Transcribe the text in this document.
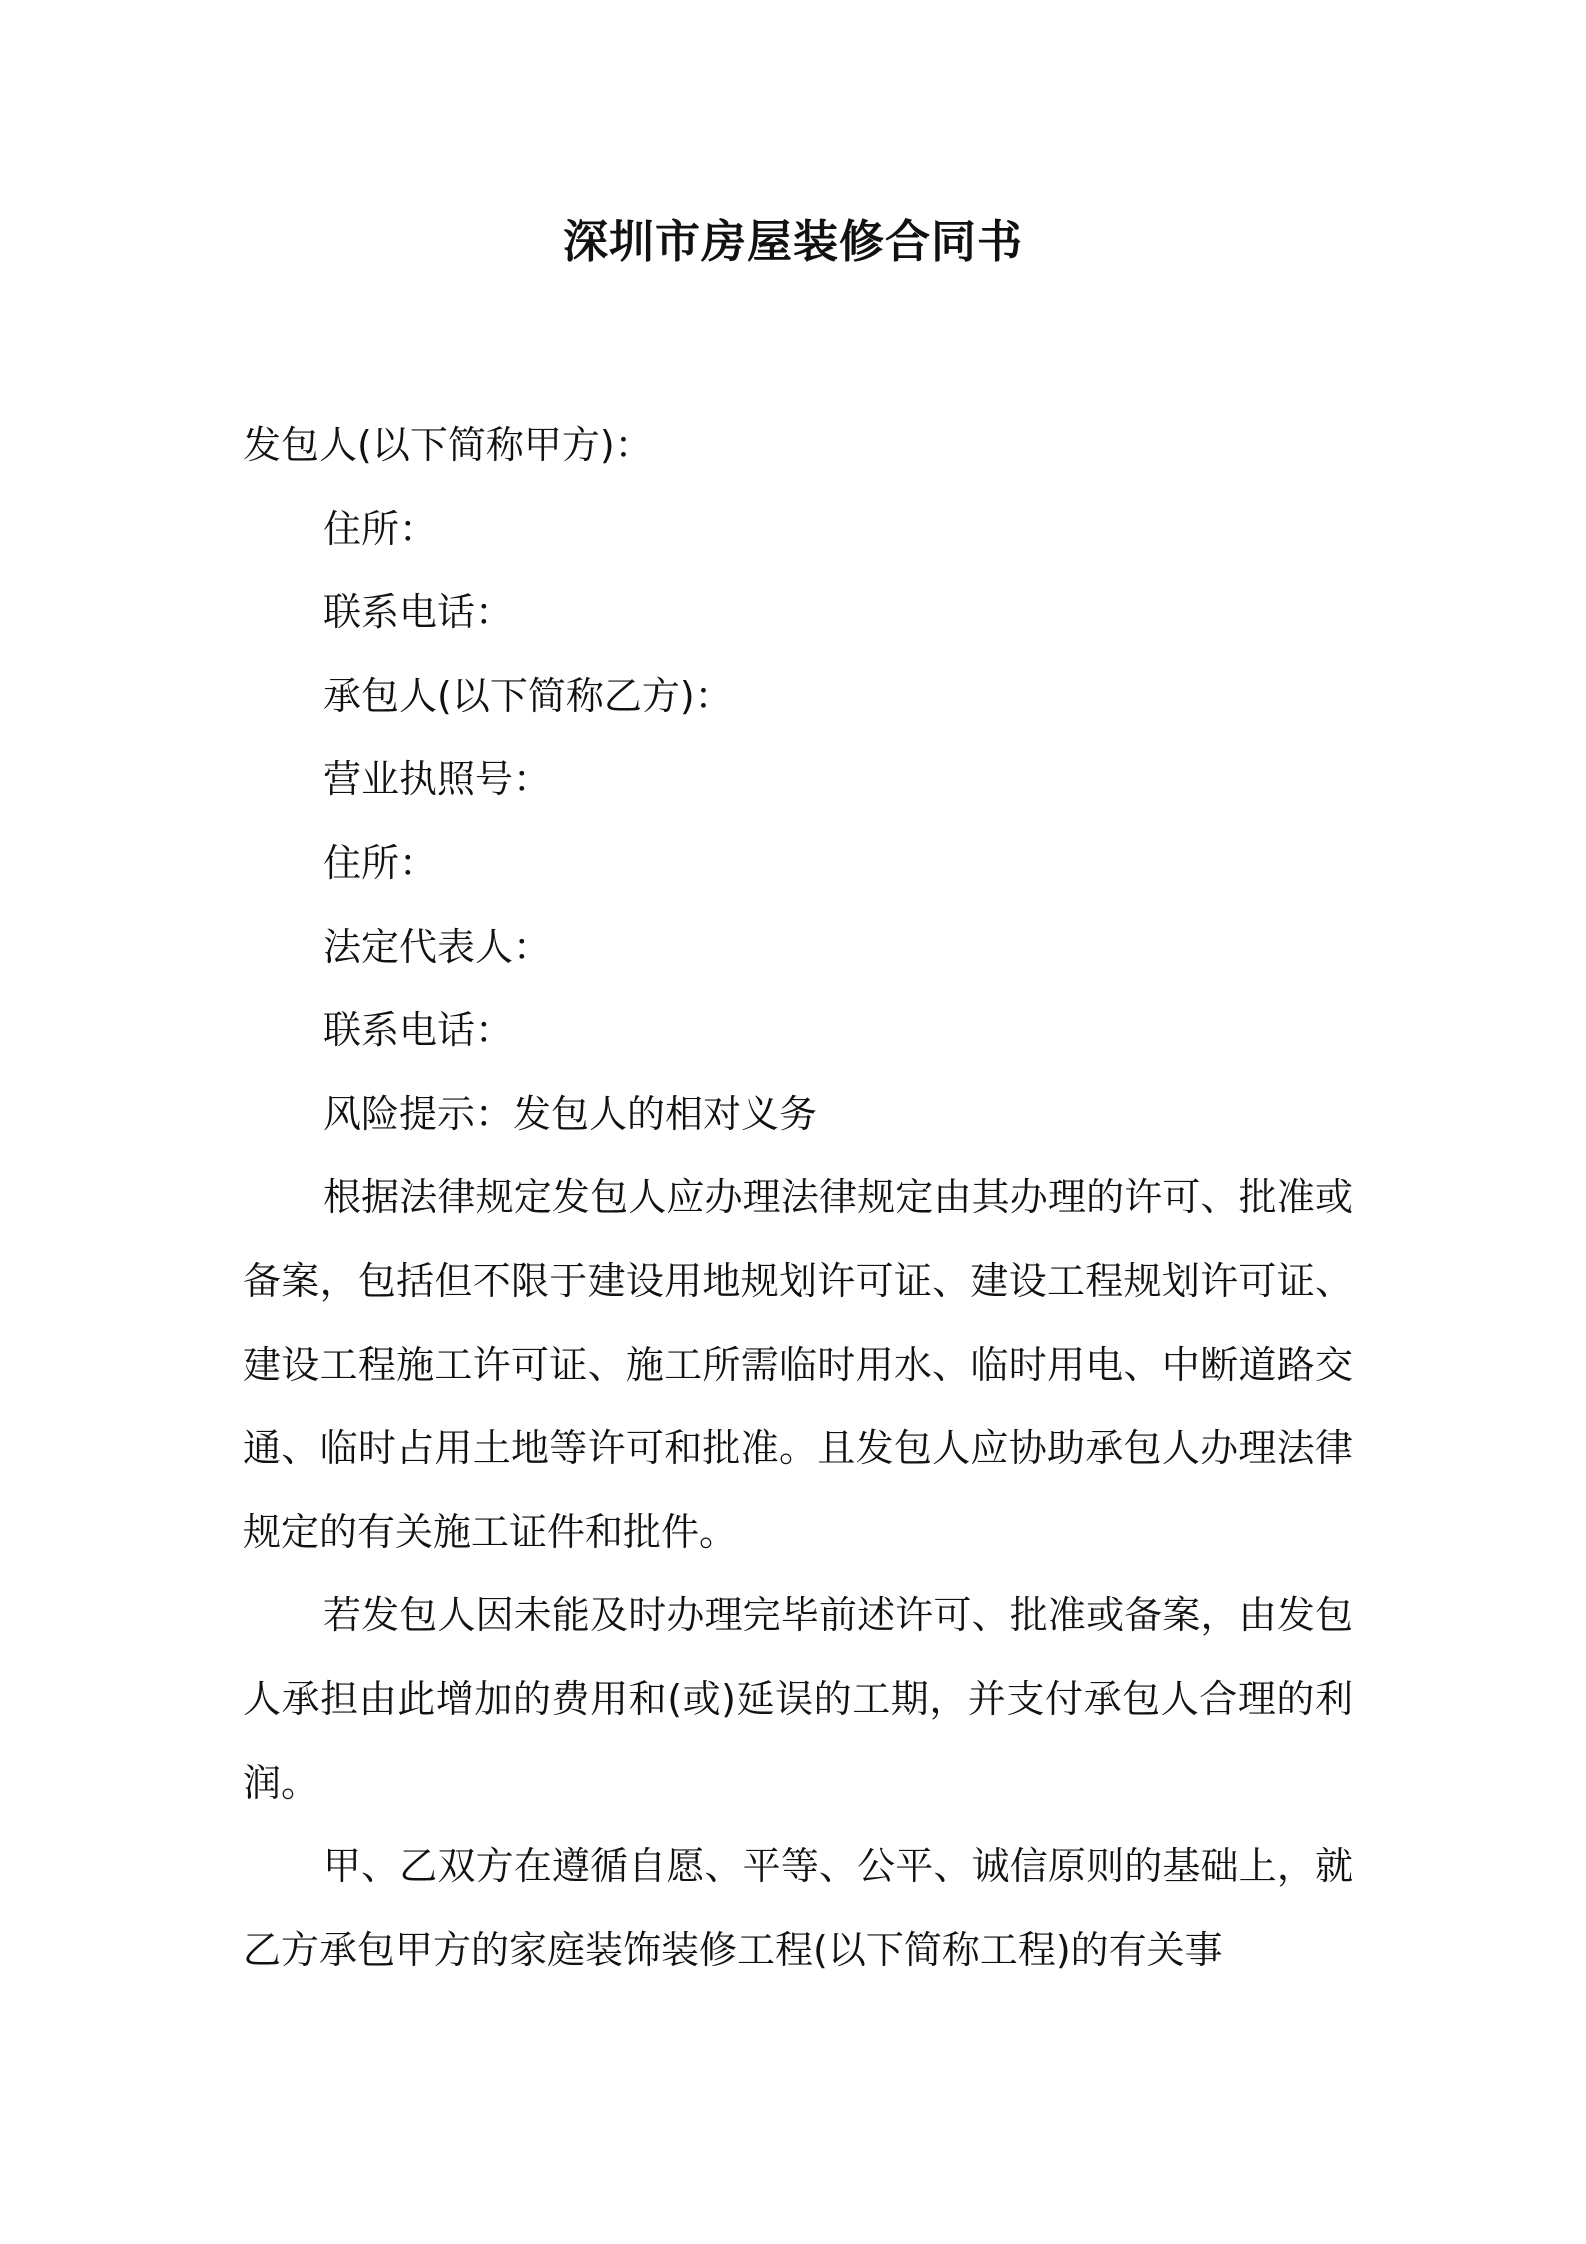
深圳市房屋装修合同书
发包人(以下简称甲方)：
住所：
联系电话：
承包人(以下简称乙方)：
营业执照号：
住所：
法定代表人：
联系电话：
风险提示：发包人的相对义务

根据法律规定发包人应办理法律规定由其办理的许可、批准或备案，包括但不限于建设用地规划许可证、建设工程规划许可证、建设工程施工许可证、施工所需临时用水、临时用电、中断道路交通、临时占用土地等许可和批准。且发包人应协助承包人办理法律规定的有关施工证件和批件。

若发包人因未能及时办理完毕前述许可、批准或备案，由发包人承担由此增加的费用和(或)延误的工期，并支付承包人合理的利润。

甲、乙双方在遵循自愿、平等、公平、诚信原则的基础上，就乙方承包甲方的家庭装饰装修工程(以下简称工程)的有关事
